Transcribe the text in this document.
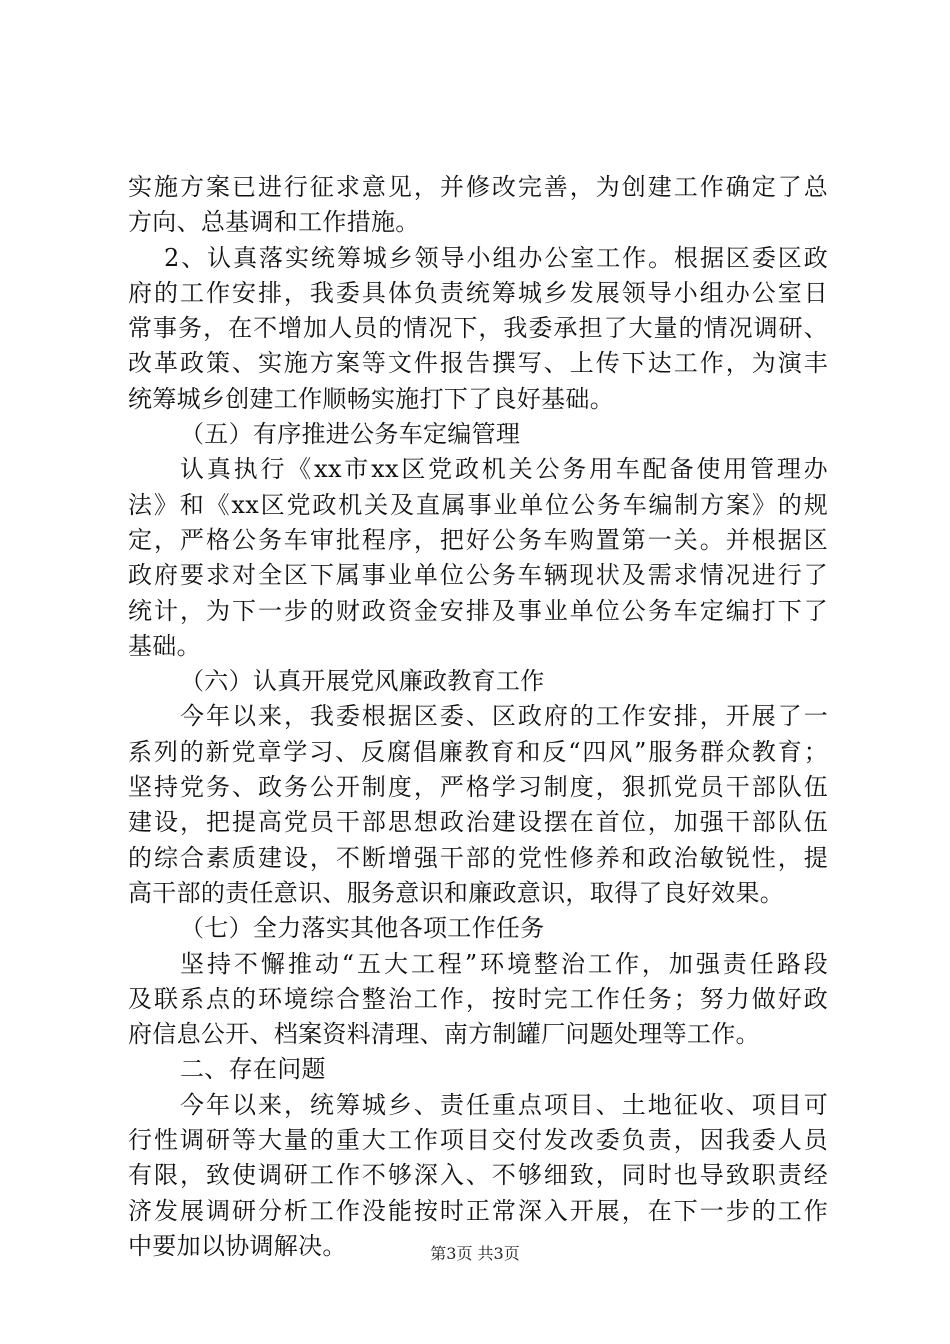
实施方案已进行征求意见，并修改完善，为创建工作确定了总
方向、总基调和工作措施。
2、认真落实统筹城乡领导小组办公室工作。根据区委区政
府的工作安排，我委具体负责统筹城乡发展领导小组办公室日
常事务，在不增加人员的情况下，我委承担了大量的情况调研、
改革政策、实施方案等文件报告撰写、上传下达工作，为演丰
统筹城乡创建工作顺畅实施打下了良好基础。
（五）有序推进公务车定编管理
认真执行《xx市xx区党政机关公务用车配备使用管理办
法》和《xx区党政机关及直属事业单位公务车编制方案》的规
定，严格公务车审批程序，把好公务车购置第一关。并根据区
政府要求对全区下属事业单位公务车辆现状及需求情况进行了
统计，为下一步的财政资金安排及事业单位公务车定编打下了
基础。
（六）认真开展党风廉政教育工作
今年以来，我委根据区委、区政府的工作安排，开展了一
系列的新党章学习、反腐倡廉教育和反“四风”服务群众教育；
坚持党务、政务公开制度，严格学习制度，狠抓党员干部队伍
建设，把提高党员干部思想政治建设摆在首位，加强干部队伍
的综合素质建设，不断增强干部的党性修养和政治敏锐性，提
高干部的责任意识、服务意识和廉政意识，取得了良好效果。
（七）全力落实其他各项工作任务
坚持不懈推动“五大工程”环境整治工作，加强责任路段
及联系点的环境综合整治工作，按时完工作任务；努力做好政
府信息公开、档案资料清理、南方制罐厂问题处理等工作。
二、存在问题
今年以来，统筹城乡、责任重点项目、土地征收、项目可
行性调研等大量的重大工作项目交付发改委负责，因我委人员
有限，致使调研工作不够深入、不够细致，同时也导致职责经
济发展调研分析工作没能按时正常深入开展，在下一步的工作
中要加以协调解决。	第3页 共3页
